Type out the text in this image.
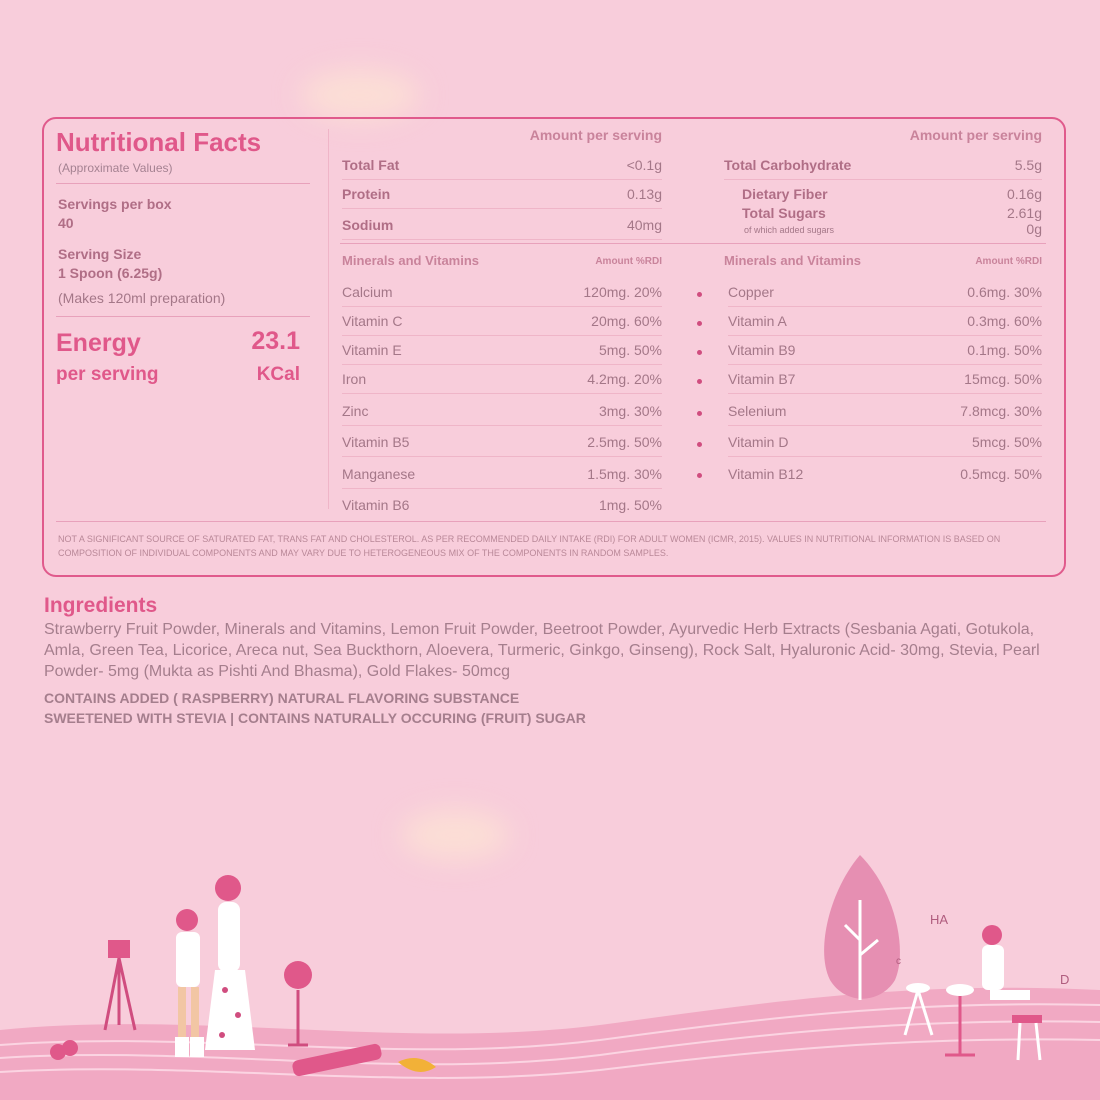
Nutritional Facts
(Approximate Values)
Servings per box
40
Serving Size
1 Spoon (6.25g)
(Makes 120ml preparation)
Energy	23.1
per serving	KCal
Amount per serving	Amount per serving
Total Fat	<0.1g
Protein	0.13g
Sodium	40mg
Total Carbohydrate	5.5g
Dietary Fiber	0.16g
Total Sugars	2.61g
of which added sugars	0g
Minerals and Vitamins	Amount %RDI	Minerals and Vitamins	Amount %RDI
Calcium	120mg. 20%
Vitamin C	20mg. 60%
Vitamin E	5mg. 50%
Iron	4.2mg. 20%
Zinc	3mg. 30%
Vitamin B5	2.5mg. 50%
Manganese	1.5mg. 30%
Vitamin B6	1mg. 50%
Copper	0.6mg. 30%
Vitamin A	0.3mg. 60%
Vitamin B9	0.1mg. 50%
Vitamin B7	15mcg. 50%
Selenium	7.8mcg. 30%
Vitamin D	5mcg. 50%
Vitamin B12	0.5mcg. 50%
NOT A SIGNIFICANT SOURCE OF SATURATED FAT, TRANS FAT AND CHOLESTEROL. AS PER RECOMMENDED DAILY INTAKE (RDI) FOR ADULT WOMEN (ICMR, 2015). VALUES IN NUTRITIONAL INFORMATION IS BASED ON COMPOSITION OF INDIVIDUAL COMPONENTS AND MAY VARY DUE TO HETEROGENEOUS MIX OF THE COMPONENTS IN RANDOM SAMPLES.
Ingredients
Strawberry Fruit Powder, Minerals and Vitamins, Lemon Fruit Powder, Beetroot Powder, Ayurvedic Herb Extracts (Sesbania Agati, Gotukola, Amla, Green Tea, Licorice, Areca nut, Sea Buckthorn, Aloevera, Turmeric, Ginkgo, Ginseng), Rock Salt, Hyaluronic Acid- 30mg, Stevia, Pearl Powder- 5mg (Mukta as Pishti And Bhasma), Gold Flakes- 50mcg
CONTAINS ADDED ( RASPBERRY) NATURAL FLAVORING SUBSTANCE
SWEETENED WITH STEVIA | CONTAINS NATURALLY OCCURING (FRUIT) SUGAR
HA
c
D
